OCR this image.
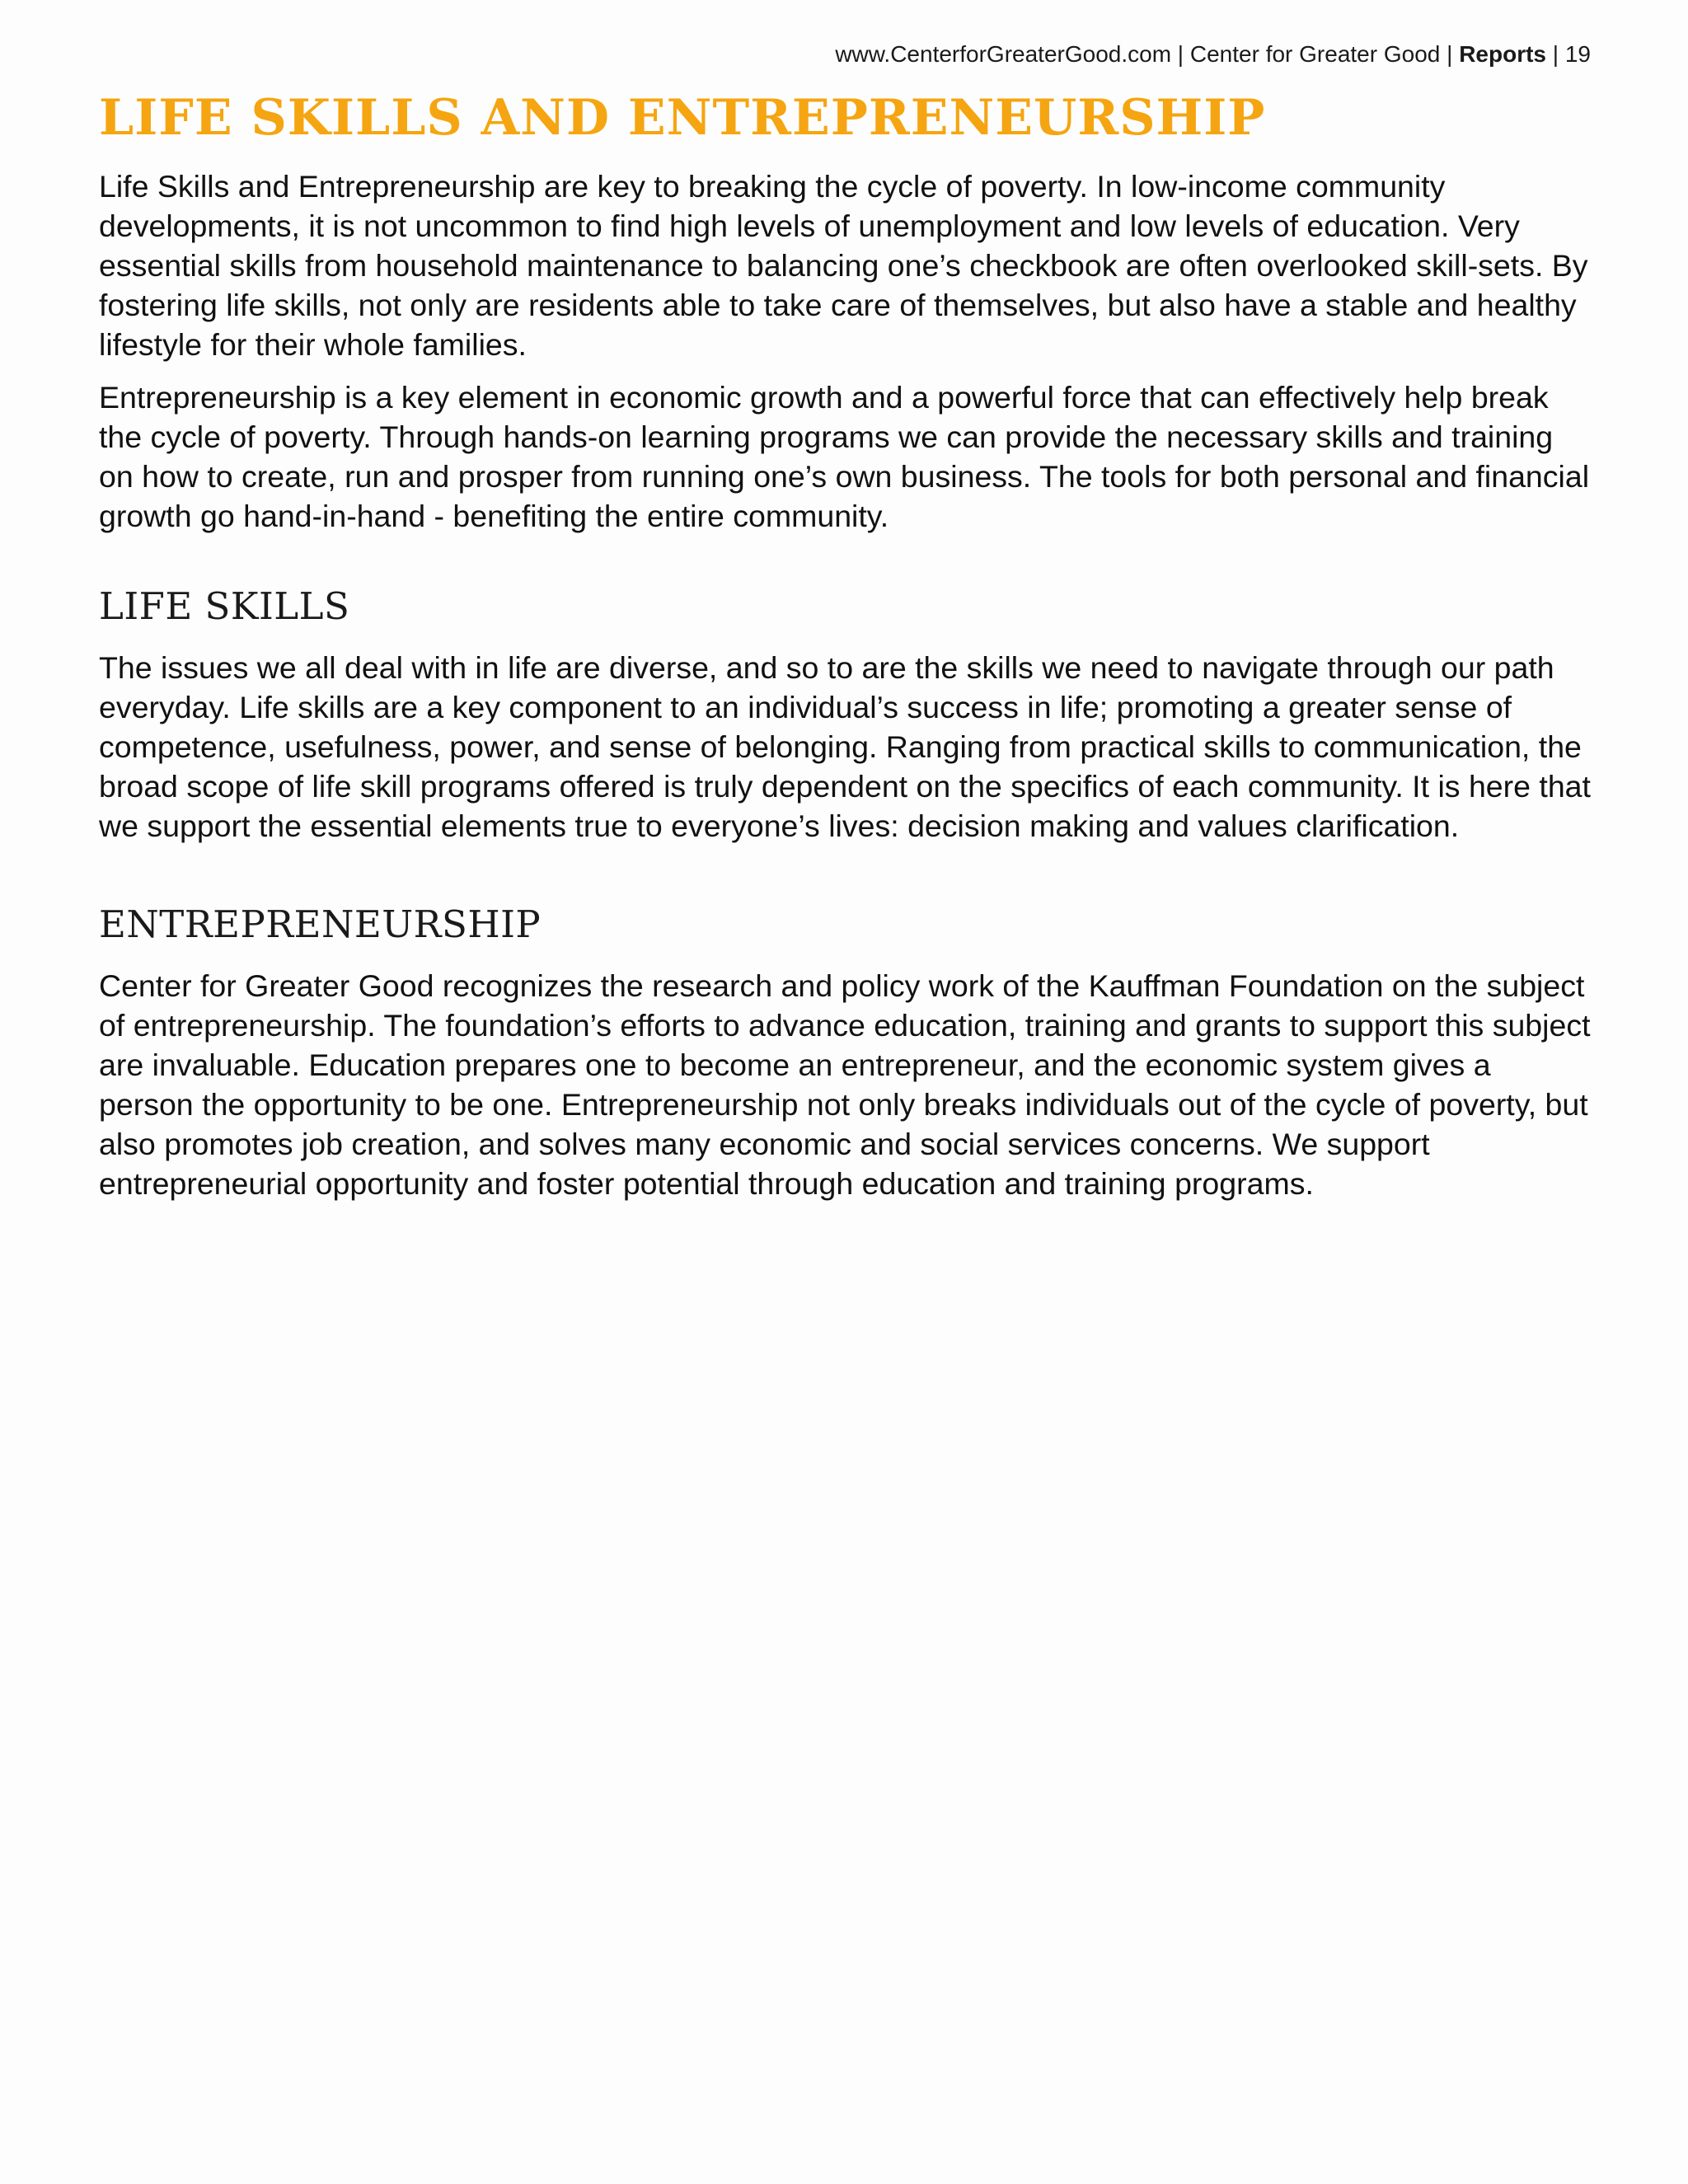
www.CenterforGreaterGood.com | Center for Greater Good | Reports | 19
LIFE SKILLS AND ENTREPRENEURSHIP

Life Skills and Entrepreneurship are key to breaking the cycle of poverty. In low-income community developments, it is not uncommon to find high levels of unemployment and low levels of education. Very essential skills from household maintenance to balancing one’s checkbook are often overlooked skill-sets. By fostering life skills, not only are residents able to take care of themselves, but also have a stable and healthy lifestyle for their whole families.

Entrepreneurship is a key element in economic growth and a powerful force that can effectively help break the cycle of poverty. Through hands-on learning programs we can provide the necessary skills and training on how to create, run and prosper from running one’s own business. The tools for both personal and financial growth go hand-in-hand - benefiting the entire community.

LIFE SKILLS

The issues we all deal with in life are diverse, and so to are the skills we need to navigate through our path everyday. Life skills are a key component to an individual’s success in life; promoting a greater sense of competence, usefulness, power, and sense of belonging. Ranging from practical skills to communication, the broad scope of life skill programs offered is truly dependent on the specifics of each community. It is here that we support the essential elements true to everyone’s lives: decision making and values clarification.

ENTREPRENEURSHIP

Center for Greater Good recognizes the research and policy work of the Kauffman Foundation on the subject of entrepreneurship. The foundation’s efforts to advance education, training and grants to support this subject are invaluable. Education prepares one to become an entrepreneur, and the economic system gives a person the opportunity to be one. Entrepreneurship not only breaks individuals out of the cycle of poverty, but also promotes job creation, and solves many economic and social services concerns. We support entrepreneurial opportunity and foster potential through education and training programs.
